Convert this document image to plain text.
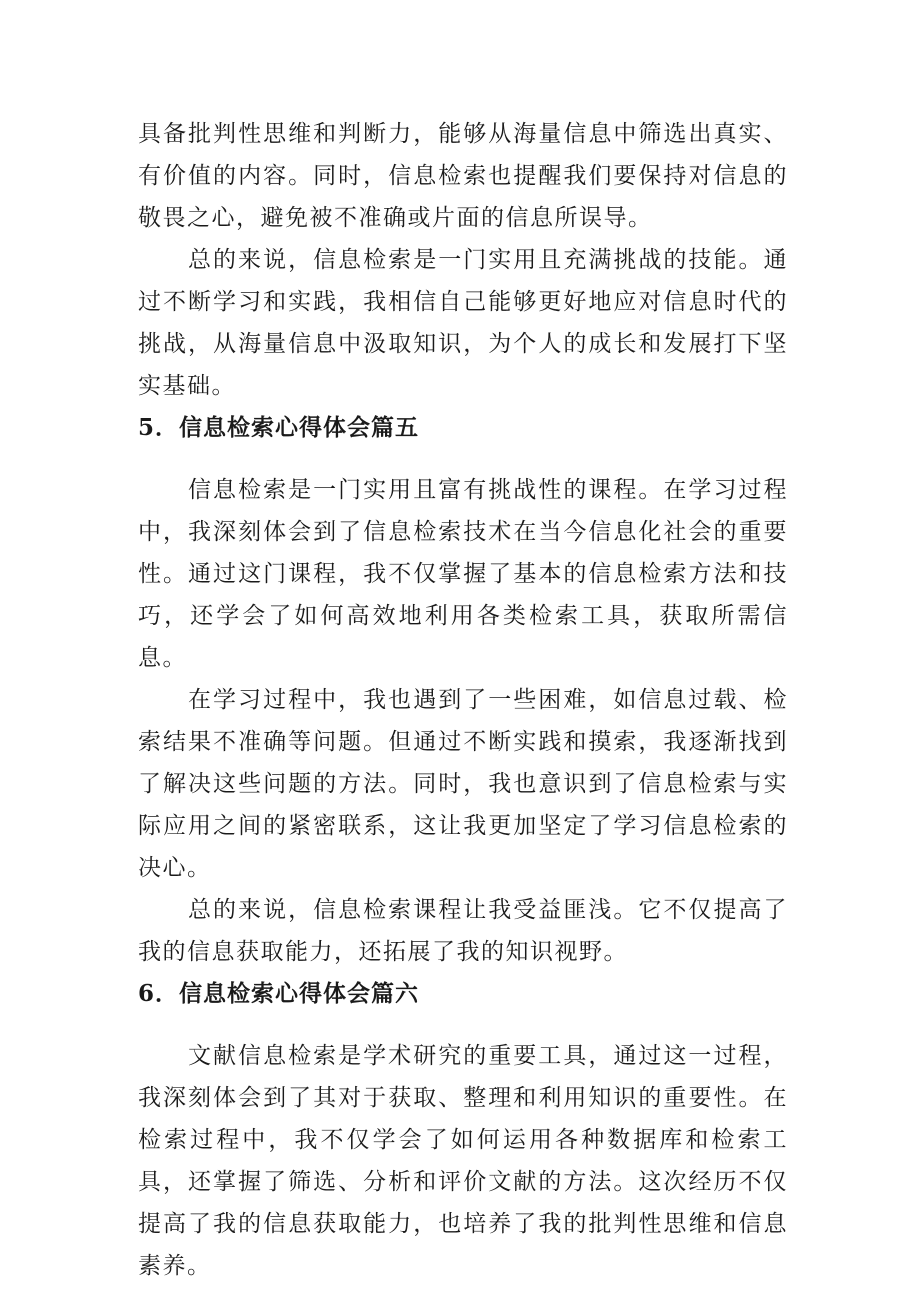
具备批判性思维和判断力，能够从海量信息中筛选出真实、有价值的内容。同时，信息检索也提醒我们要保持对信息的敬畏之心，避免被不准确或片面的信息所误导。

总的来说，信息检索是一门实用且充满挑战的技能。通过不断学习和实践，我相信自己能够更好地应对信息时代的挑战，从海量信息中汲取知识，为个人的成长和发展打下坚实基础。

5．信息检索心得体会篇五

信息检索是一门实用且富有挑战性的课程。在学习过程中，我深刻体会到了信息检索技术在当今信息化社会的重要性。通过这门课程，我不仅掌握了基本的信息检索方法和技巧，还学会了如何高效地利用各类检索工具，获取所需信息。

在学习过程中，我也遇到了一些困难，如信息过载、检索结果不准确等问题。但通过不断实践和摸索，我逐渐找到了解决这些问题的方法。同时，我也意识到了信息检索与实际应用之间的紧密联系，这让我更加坚定了学习信息检索的决心。

总的来说，信息检索课程让我受益匪浅。它不仅提高了我的信息获取能力，还拓展了我的知识视野。

6．信息检索心得体会篇六

文献信息检索是学术研究的重要工具，通过这一过程，我深刻体会到了其对于获取、整理和利用知识的重要性。在检索过程中，我不仅学会了如何运用各种数据库和检索工具，还掌握了筛选、分析和评价文献的方法。这次经历不仅提高了我的信息获取能力，也培养了我的批判性思维和信息素养。
